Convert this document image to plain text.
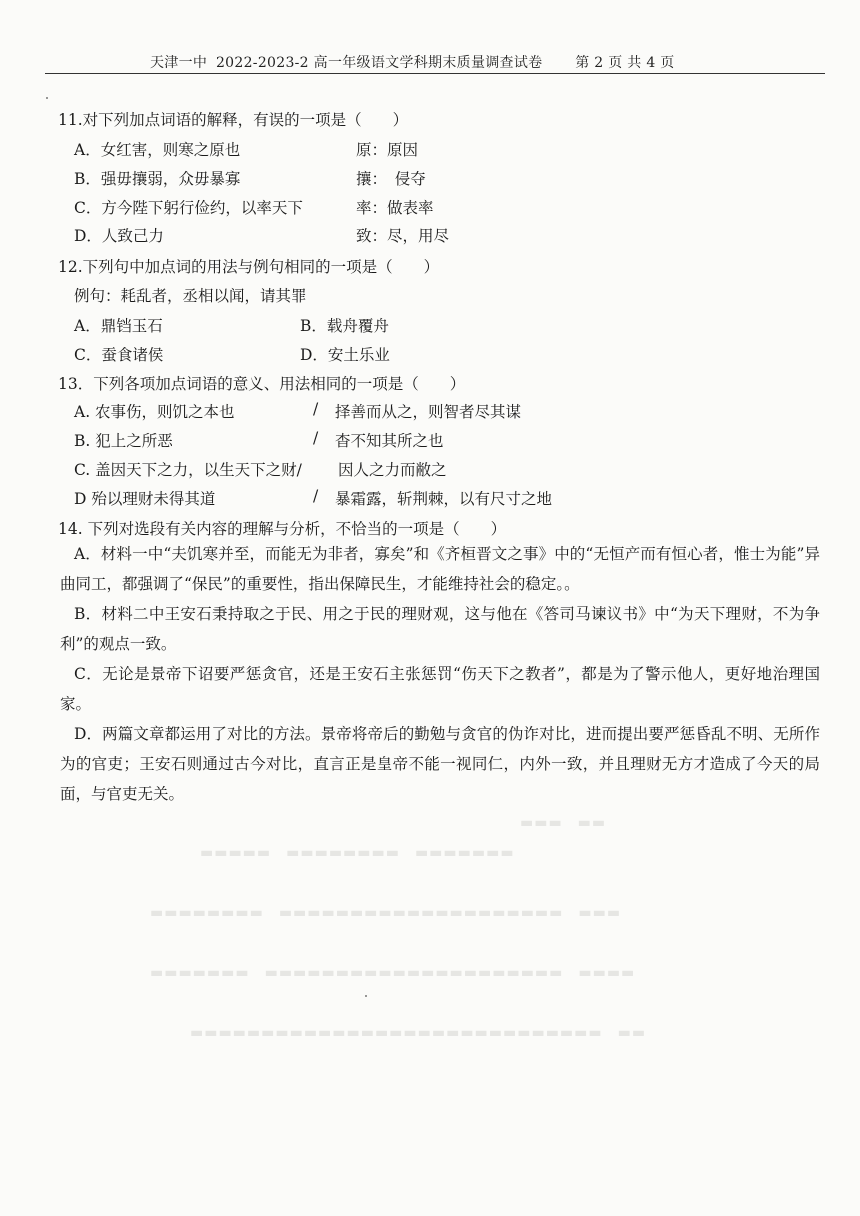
天津一中 2022-2023-2 高一年级语文学科期末质量调查试卷 第 2 页 共 4 页
11.对下列加点词语的解释，有误的一项是（　　）
A．女红害，则寒之原也	原：原因
B．强毋攘弱，众毋暴寡	攘：　侵夺
C．方今陛下躬行俭约，以率天下	率：做表率
D．人致己力	致：尽，用尽
12.下列句中加点词的用法与例句相同的一项是（　　）
例句：耗乱者，丞相以闻，请其罪
A．鼎铛玉石	B．载舟覆舟
C．蚕食诸侯	D．安土乐业
13．下列各项加点词语的意义、用法相同的一项是（　　）
A. 农事伤，则饥之本也	/ 择善而从之，则智者尽其谋
B. 犯上之所恶	/ 杳不知其所之也
C. 盖因天下之力，以生天下之财/ 因人之力而敝之
D 殆以理财未得其道	/ 暴霜露，斩荆棘，以有尺寸之地
14. 下列对选段有关内容的理解与分析，不恰当的一项是（　　）
A．材料一中“夫饥寒并至，而能无为非者，寡矣”和《齐桓晋文之事》中的“无恒产而有恒心者，惟士为能”异曲同工，都强调了“保民”的重要性，指出保障民生，才能维持社会的稳定。。
B．材料二中王安石秉持取之于民、用之于民的理财观，这与他在《答司马谏议书》中“为天下理财，不为争利”的观点一致。
C．无论是景帝下诏要严惩贪官，还是王安石主张惩罚“伤天下之教者”，都是为了警示他人，更好地治理国家。
D．两篇文章都运用了对比的方法。景帝将帝后的勤勉与贪官的伪诈对比，进而提出要严惩昏乱不明、无所作为的官吏；王安石则通过古今对比，直言正是皇帝不能一视同仁，内外一致，并且理财无方才造成了今天的局面，与官吏无关。
▬▬▬　▬▬
▬▬▬▬▬　▬▬▬▬▬▬▬▬　▬▬▬▬▬▬▬
▬▬▬▬▬▬▬▬　▬▬▬▬▬▬▬▬▬▬▬▬▬▬▬▬▬▬▬▬　▬▬▬
▬▬▬▬▬▬▬　▬▬▬▬▬▬▬▬▬▬▬▬▬▬▬▬▬▬▬▬▬　▬▬▬▬
▬▬▬▬▬▬▬▬▬▬▬▬▬▬▬▬▬▬▬▬▬▬▬▬▬▬▬▬▬　▬▬
